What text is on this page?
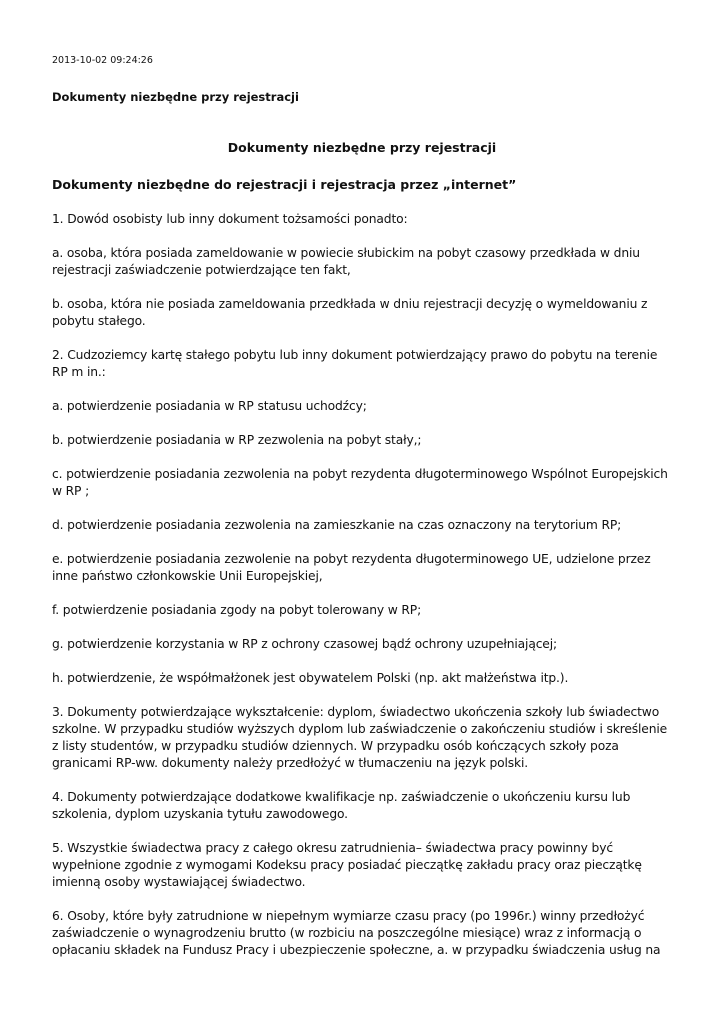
2013-10-02 09:24:26
Dokumenty niezbędne przy rejestracji
Dokumenty niezbędne przy rejestracji
Dokumenty niezbędne do rejestracji i rejestracja przez „internet”

1. Dowód osobisty lub inny dokument tożsamości ponadto:

a. osoba, która posiada zameldowanie w powiecie słubickim na pobyt czasowy przedkłada w dniu rejestracji zaświadczenie potwierdzające ten fakt,

b. osoba, która nie posiada zameldowania przedkłada w dniu rejestracji decyzję o wymeldowaniu z pobytu stałego.

2. Cudzoziemcy kartę stałego pobytu lub inny dokument potwierdzający prawo do pobytu na terenie RP m in.:

a. potwierdzenie posiadania w RP statusu uchodźcy;

b. potwierdzenie posiadania w RP zezwolenia na pobyt stały,;

c. potwierdzenie posiadania zezwolenia na pobyt rezydenta długoterminowego Wspólnot Europejskich w RP ;

d. potwierdzenie posiadania zezwolenia na zamieszkanie na czas oznaczony na terytorium RP;

e. potwierdzenie posiadania zezwolenie na pobyt rezydenta długoterminowego UE, udzielone przez inne państwo członkowskie Unii Europejskiej,

f. potwierdzenie posiadania zgody na pobyt tolerowany w RP;

g. potwierdzenie korzystania w RP z ochrony czasowej bądź ochrony uzupełniającej;

h. potwierdzenie, że współmałżonek jest obywatelem Polski (np. akt małżeństwa itp.).

3. Dokumenty potwierdzające wykształcenie: dyplom, świadectwo ukończenia szkoły lub świadectwo szkolne. W przypadku studiów wyższych dyplom lub zaświadczenie o zakończeniu studiów i skreślenie z listy studentów, w przypadku studiów dziennych. W przypadku osób kończących szkoły poza granicami RP-ww. dokumenty należy przedłożyć w tłumaczeniu na język polski.

4. Dokumenty potwierdzające dodatkowe kwalifikacje np. zaświadczenie o ukończeniu kursu lub szkolenia, dyplom uzyskania tytułu zawodowego.

5. Wszystkie świadectwa pracy z całego okresu zatrudnienia– świadectwa pracy powinny być wypełnione zgodnie z wymogami Kodeksu pracy posiadać pieczątkę zakładu pracy oraz pieczątkę imienną osoby wystawiającej świadectwo.

6. Osoby, które były zatrudnione w niepełnym wymiarze czasu pracy (po 1996r.) winny przedłożyć zaświadczenie o wynagrodzeniu brutto (w rozbiciu na poszczególne miesiące) wraz z informacją o opłacaniu składek na Fundusz Pracy i ubezpieczenie społeczne, a. w przypadku świadczenia usług na
